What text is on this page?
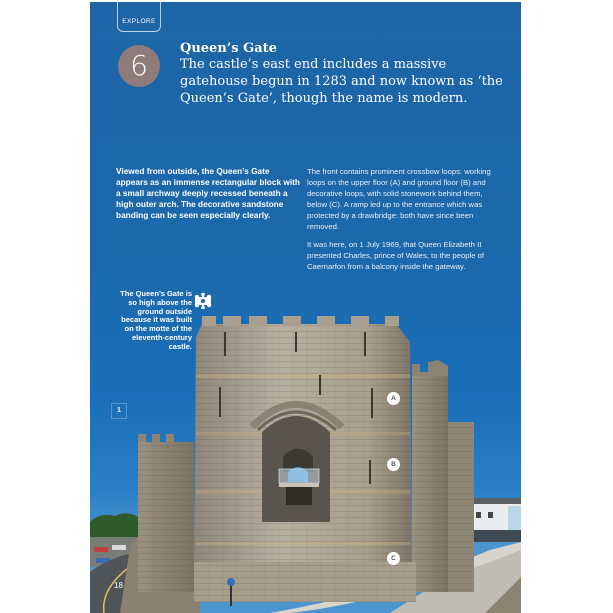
EXPLORE
6
Queen’s Gate
The castle’s east end includes a massive gatehouse begun in 1283 and now known as ‘the Queen’s Gate’, though the name is modern.
Viewed from outside, the Queen’s Gate appears as an immense rectangular block with a small archway deeply recessed beneath a high outer arch. The decorative sandstone banding can be seen especially clearly.

The front contains prominent crossbow loops: working loops on the upper floor (A) and ground floor (B) and decorative loops, with solid stonework behind them, below (C). A ramp led up to the entrance which was protected by a drawbridge: both have since been removed.

It was here, on 1 July 1969, that Queen Elizabeth II presented Charles, prince of Wales, to the people of Caernarfon from a balcony inside the gateway.

The Queen’s Gate is so high above the ground outside because it was built on the motte of the eleventh-century castle.
1
A
B
C
18
